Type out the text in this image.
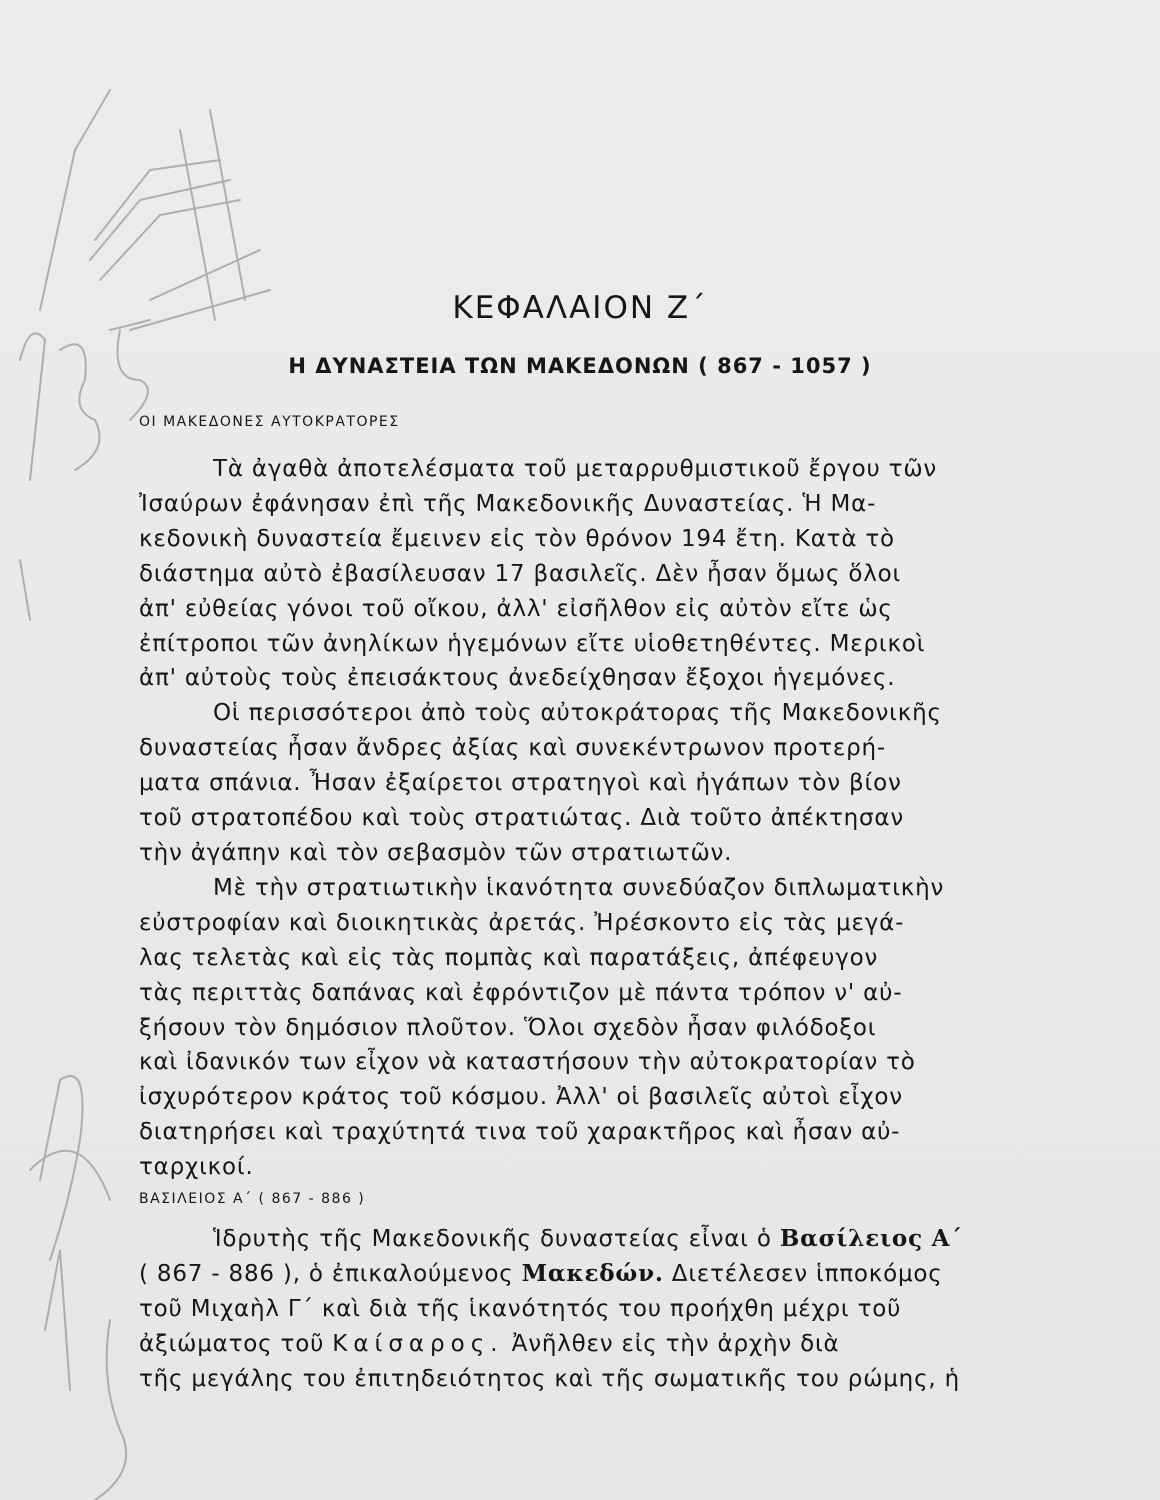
ΚΕΦΑΛΑΙΟΝ Ζ΄
Η ΔΥΝΑΣΤΕΙΑ ΤΩΝ ΜΑΚΕΔΟΝΩΝ ( 867 - 1057 )
ΟΙ ΜΑΚΕΔΟΝΕΣ ΑΥΤΟΚΡΑΤΟΡΕΣ
Τὰ ἀγαθὰ ἀποτελέσματα τοῦ μεταρρυθμιστικοῦ ἔργου τῶν
Ἰσαύρων ἐφάνησαν ἐπὶ τῆς Μακεδονικῆς Δυναστείας. Ἡ Μα-
κεδονικὴ δυναστεία ἔμεινεν εἰς τὸν θρόνον 194 ἔτη. Κατὰ τὸ
διάστημα αὐτὸ ἐβασίλευσαν 17 βασιλεῖς. Δὲν ἦσαν ὅμως ὅλοι
ἀπ' εὐθείας γόνοι τοῦ οἴκου, ἀλλ' εἰσῆλθον εἰς αὐτὸν εἴτε ὡς
ἐπίτροποι τῶν ἀνηλίκων ἡγεμόνων εἴτε υἱοθετηθέντες. Μερικοὶ
ἀπ' αὐτοὺς τοὺς ἐπεισάκτους ἀνεδείχθησαν ἔξοχοι ἡγεμόνες.
Οἱ περισσότεροι ἀπὸ τοὺς αὐτοκράτορας τῆς Μακεδονικῆς
δυναστείας ἦσαν ἄνδρες ἀξίας καὶ συνεκέντρωνον προτερή-
ματα σπάνια. Ἦσαν ἐξαίρετοι στρατηγοὶ καὶ ἠγάπων τὸν βίον
τοῦ στρατοπέδου καὶ τοὺς στρατιώτας. Διὰ τοῦτο ἀπέκτησαν
τὴν ἀγάπην καὶ τὸν σεβασμὸν τῶν στρατιωτῶν.
Μὲ τὴν στρατιωτικὴν ἱκανότητα συνεδύαζον διπλωματικὴν
εὐστροφίαν καὶ διοικητικὰς ἀρετάς. Ἠρέσκοντο εἰς τὰς μεγά-
λας τελετὰς καὶ εἰς τὰς πομπὰς καὶ παρατάξεις, ἀπέφευγον
τὰς περιττὰς δαπάνας καὶ ἐφρόντιζον μὲ πάντα τρόπον ν' αὐ-
ξήσουν τὸν δημόσιον πλοῦτον. Ὅλοι σχεδὸν ἦσαν φιλόδοξοι
καὶ ἰδανικόν των εἶχον νὰ καταστήσουν τὴν αὐτοκρατορίαν τὸ
ἰσχυρότερον κράτος τοῦ κόσμου. Ἀλλ' οἱ βασιλεῖς αὐτοὶ εἶχον
διατηρήσει καὶ τραχύτητά τινα τοῦ χαρακτῆρος καὶ ἦσαν αὐ-
ταρχικοί.
ΒΑΣΙΛΕΙΟΣ Α΄ ( 867 - 886 )
Ἱδρυτὴς τῆς Μακεδονικῆς δυναστείας εἶναι ὁ Βασίλειος Α΄
( 867 - 886 ), ὁ ἐπικαλούμενος Μακεδών. Διετέλεσεν ἱπποκόμος
τοῦ Μιχαὴλ Γ΄ καὶ διὰ τῆς ἱκανότητός του προήχθη μέχρι τοῦ
ἀξιώματος τοῦ Καίσαρος. Ἀνῆλθεν εἰς τὴν ἀρχὴν διὰ
τῆς μεγάλης του ἐπιτηδειότητος καὶ τῆς σωματικῆς του ρώμης, ἡ
